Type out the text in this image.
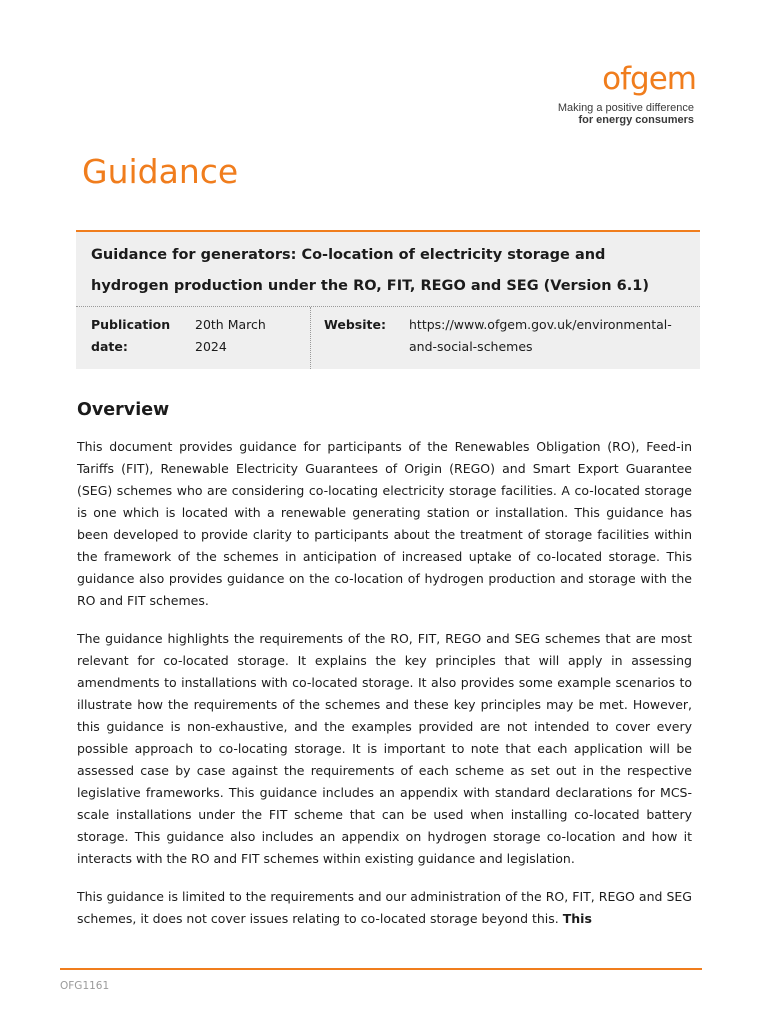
ofgem
Making a positive difference
for energy consumers
Guidance
Guidance for generators: Co-location of electricity storage and hydrogen production under the RO, FIT, REGO and SEG (Version 6.1)
Publication
date:
20th March
2024
Website: https://www.ofgem.gov.uk/environmental-
and-social-schemes
Overview
This document provides guidance for participants of the Renewables Obligation (RO), Feed-in Tariffs (FIT), Renewable Electricity Guarantees of Origin (REGO) and Smart Export Guarantee (SEG) schemes who are considering co-locating electricity storage facilities. A co-located storage is one which is located with a renewable generating station or installation. This guidance has been developed to provide clarity to participants about the treatment of storage facilities within the framework of the schemes in anticipation of increased uptake of co-located storage. This guidance also provides guidance on the co-location of hydrogen production and storage with the RO and FIT schemes.
The guidance highlights the requirements of the RO, FIT, REGO and SEG schemes that are most relevant for co-located storage. It explains the key principles that will apply in assessing amendments to installations with co-located storage. It also provides some example scenarios to illustrate how the requirements of the schemes and these key principles may be met. However, this guidance is non-exhaustive, and the examples provided are not intended to cover every possible approach to co-locating storage. It is important to note that each application will be assessed case by case against the requirements of each scheme as set out in the respective legislative frameworks. This guidance includes an appendix with standard declarations for MCS-scale installations under the FIT scheme that can be used when installing co-located battery storage. This guidance also includes an appendix on hydrogen storage co-location and how it interacts with the RO and FIT schemes within existing guidance and legislation.
This guidance is limited to the requirements and our administration of the RO, FIT, REGO and SEG schemes, it does not cover issues relating to co-located storage beyond this. This
OFG1161
